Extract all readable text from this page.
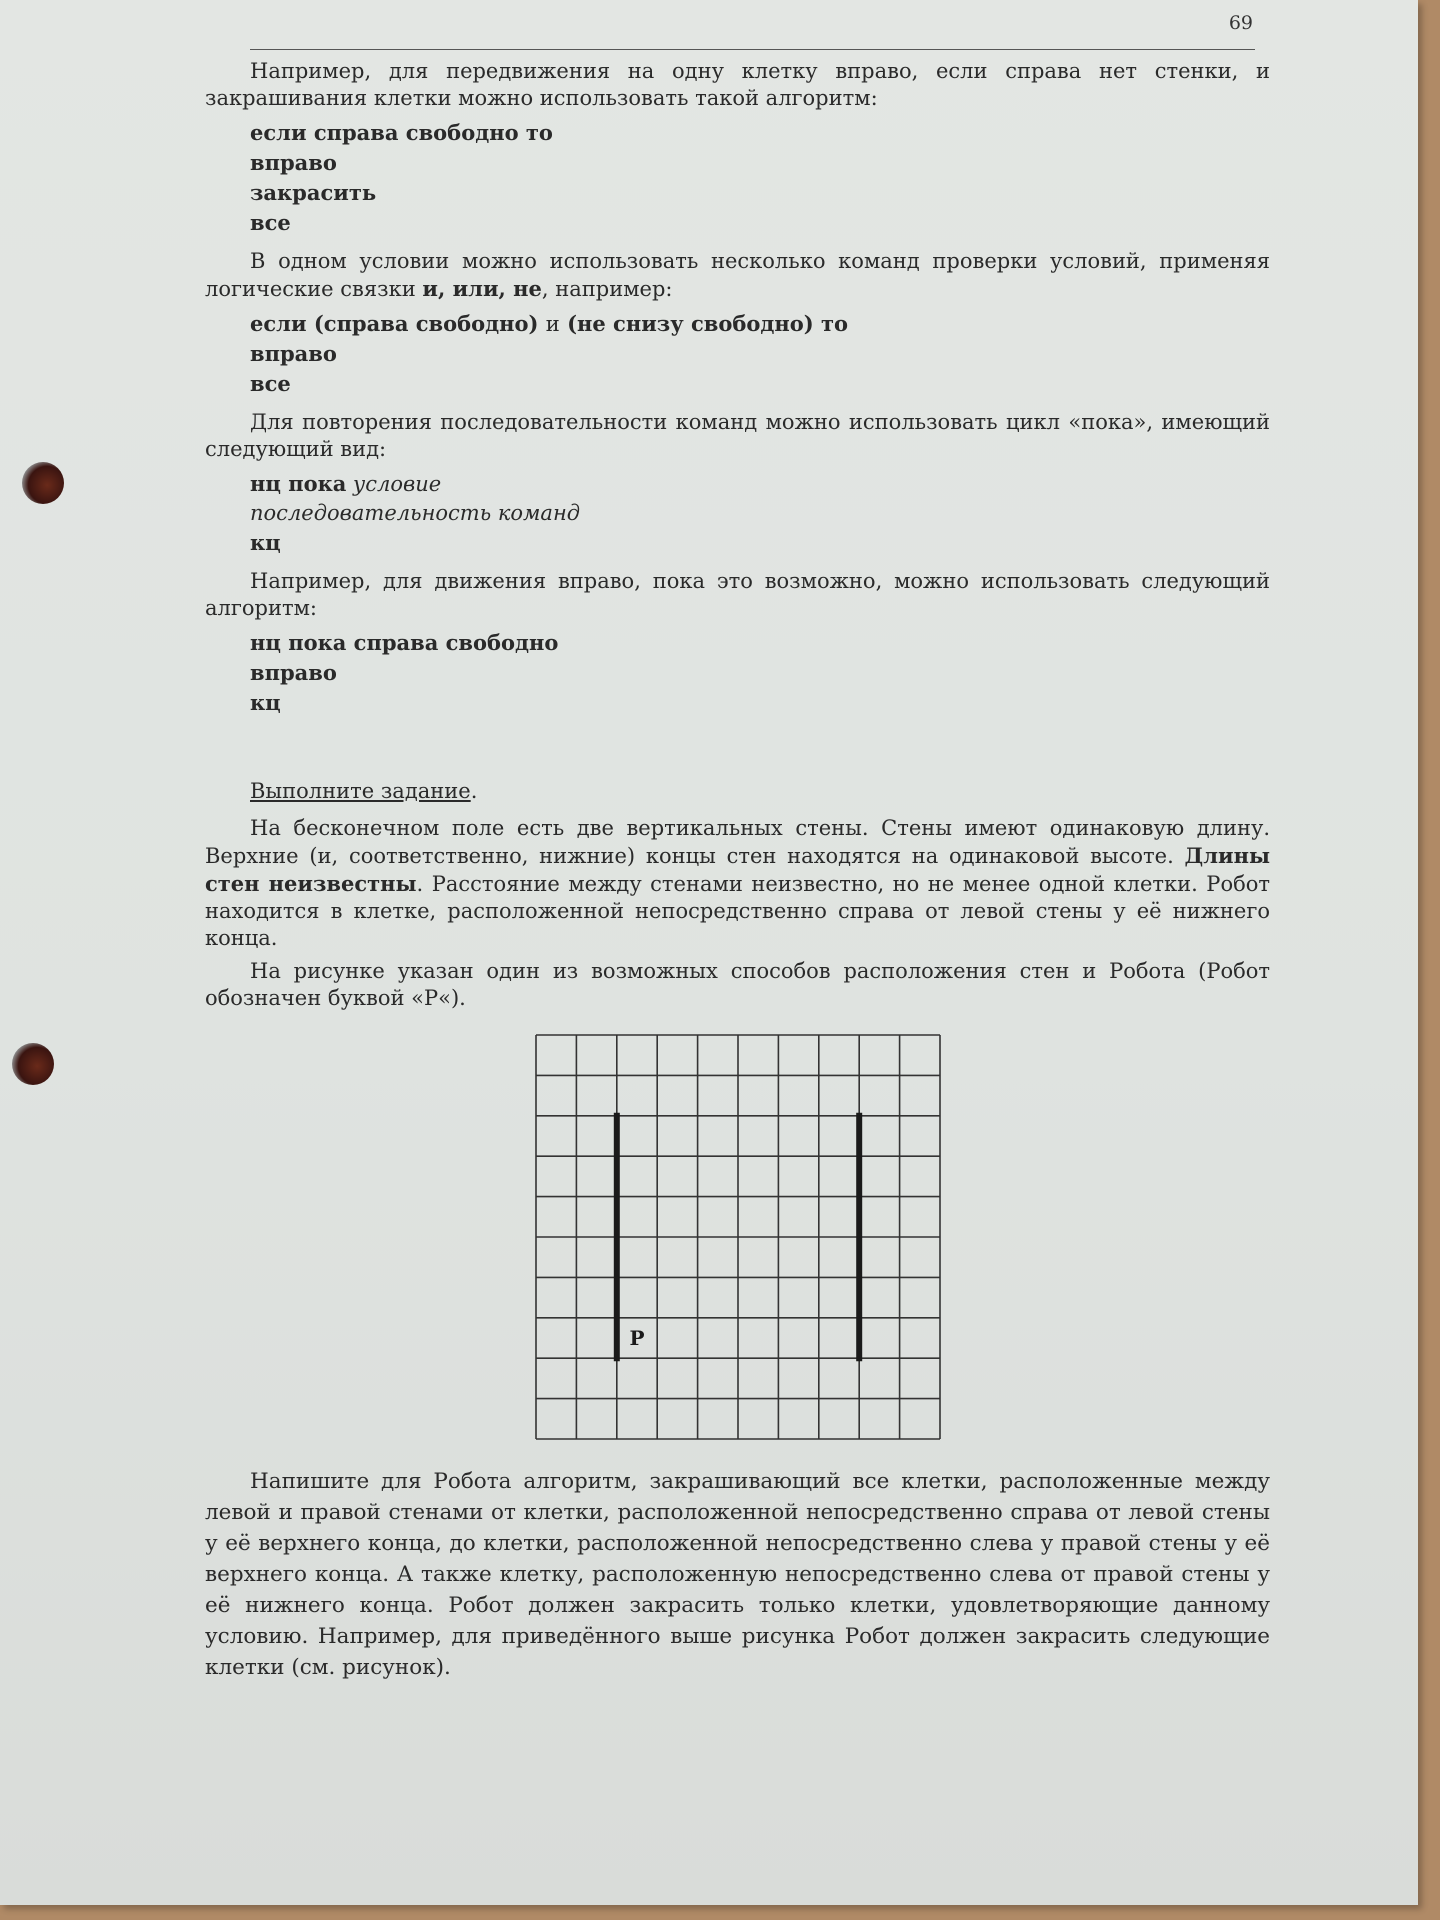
69

Например, для передвижения на одну клетку вправо, если справа нет стенки, и закрашивания клетки можно использовать такой алгоритм:

если справа свободно то
вправо
закрасить
все

В одном условии можно использовать несколько команд проверки условий, применяя логические связки и, или, не, например:

если (справа свободно) и (не снизу свободно) то
вправо
все

Для повторения последовательности команд можно использовать цикл «пока», имеющий следующий вид:

нц пока условие
последовательность команд
кц

Например, для движения вправо, пока это возможно, можно использовать следующий алгоритм:

нц пока справа свободно
вправо
кц
Выполните задание.

На бесконечном поле есть две вертикальных стены. Стены имеют одинаковую длину. Верхние (и, соответственно, нижние) концы стен находятся на одинаковой высоте. Длины стен неизвестны. Расстояние между стенами неизвестно, но не менее одной клетки. Робот находится в клетке, расположенной непосредственно справа от левой стены у её нижнего конца.

На рисунке указан один из возможных способов расположения стен и Робота (Робот обозначен буквой «Р«).

Р

Напишите для Робота алгоритм, закрашивающий все клетки, расположенные между левой и правой стенами от клетки, расположенной непосредственно справа от левой стены у её верхнего конца, до клетки, расположенной непосредственно слева у правой стены у её верхнего конца. А также клетку, расположенную непосредственно слева от правой стены у её нижнего конца. Робот должен закрасить только клетки, удовлетворяющие данному условию. Например, для приведённого выше рисунка Робот должен закрасить следующие клетки (см. рисунок).
